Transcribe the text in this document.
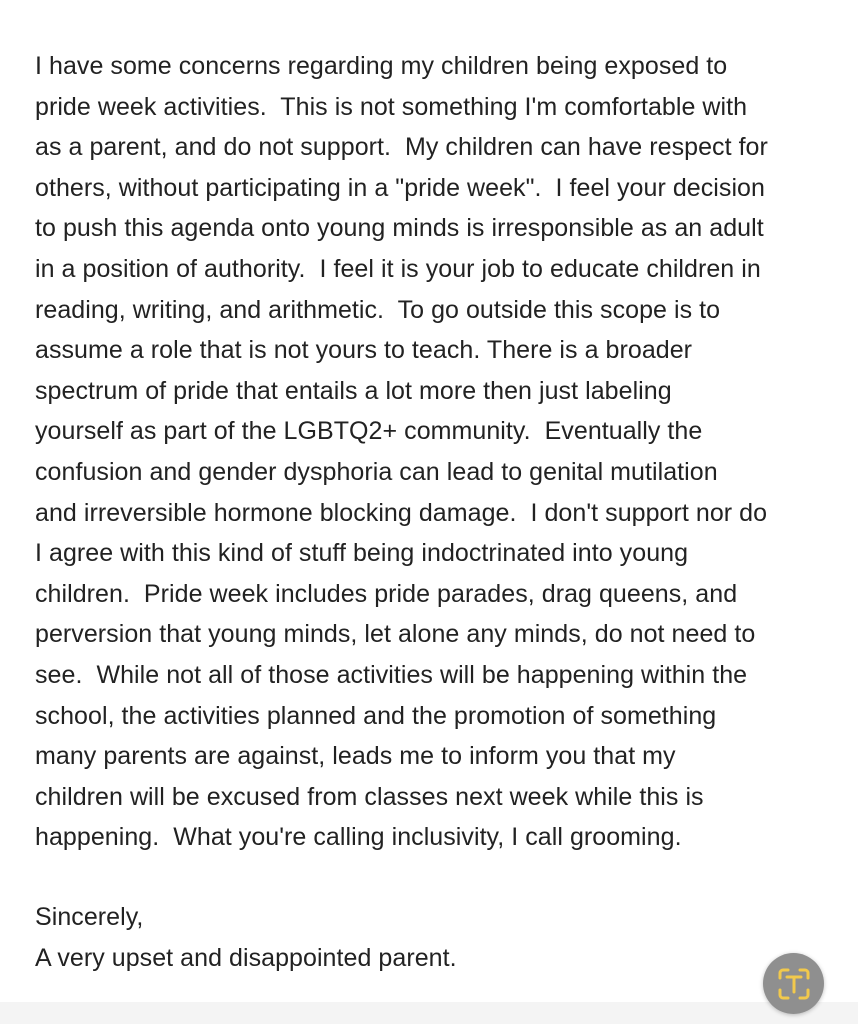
I have some concerns regarding my children being exposed to
pride week activities.  This is not something I'm comfortable with
as a parent, and do not support.  My children can have respect for
others, without participating in a "pride week".  I feel your decision
to push this agenda onto young minds is irresponsible as an adult
in a position of authority.  I feel it is your job to educate children in
reading, writing, and arithmetic.  To go outside this scope is to
assume a role that is not yours to teach. There is a broader
spectrum of pride that entails a lot more then just labeling
yourself as part of the LGBTQ2+ community.  Eventually the
confusion and gender dysphoria can lead to genital mutilation
and irreversible hormone blocking damage.  I don't support nor do
I agree with this kind of stuff being indoctrinated into young
children.  Pride week includes pride parades, drag queens, and
perversion that young minds, let alone any minds, do not need to
see.  While not all of those activities will be happening within the
school, the activities planned and the promotion of something
many parents are against, leads me to inform you that my
children will be excused from classes next week while this is
happening.  What you're calling inclusivity, I call grooming.
Sincerely,
A very upset and disappointed parent.
